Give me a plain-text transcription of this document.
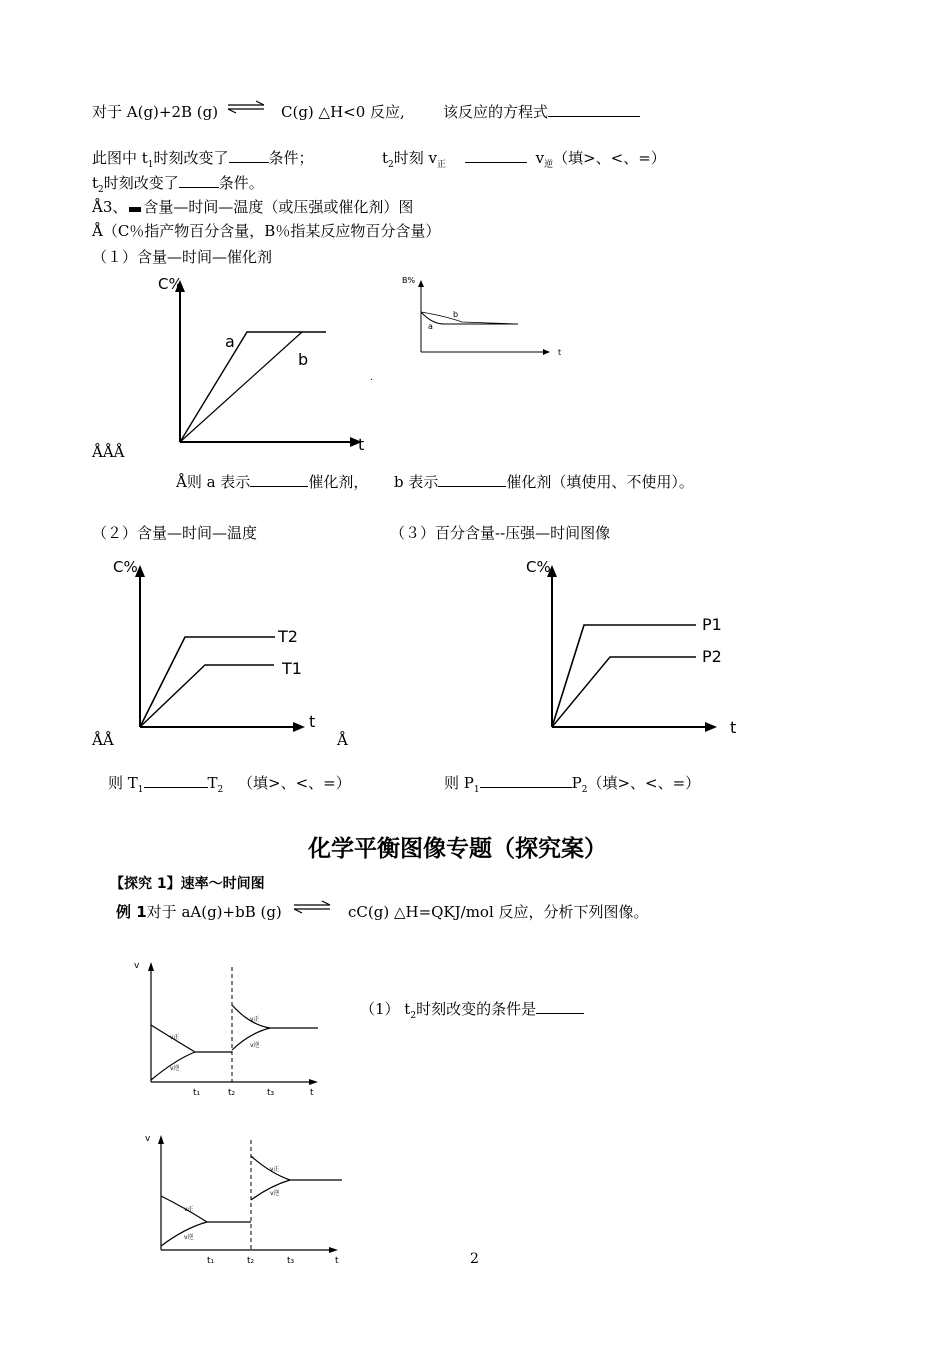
对于 A(g)+2B (g) ⇌ C(g) △H<0 反应,	该反应的方程式
此图中 $t_1$时刻改变了	条件；	$t_2$时刻 $v_正$	$v_逆$（填>、<、=）
$t_2$时刻改变了	条件。
Å3、 含量—时间—温度（或压强或催化剂）图
Å（C％指产物百分含量，B％指某反应物百分含量）
（１）含量—时间—催化剂
C%
t
a
b
.
B%
t
a
b
ÅÅÅ
Å则 a 表示	催化剂， b 表示	催化剂（填使用、不使用）。
（２）含量—时间—温度	（３）百分含量--压强—时间图像
C%
t
T2
T1
C%
t
P1
P2
ÅÅ	Å
则 $T_1$	$T_2$ （填>、<、=）	则 $P_1$	$P_2$（填>、<、=）
化学平衡图像专题（探究案）
【探究 1】速率～时间图
例 1对于 aA(g)+bB (g) ⇌ cC(g) △H=QKJ/mol 反应，分析下列图像。
v
t
t₁	t₂	t₃
v正
v逆
v正
v逆
（1） $t_2$时刻改变的条件是
v
t
t₁	t₂	t₃
v正
v逆
v正
v逆
2
